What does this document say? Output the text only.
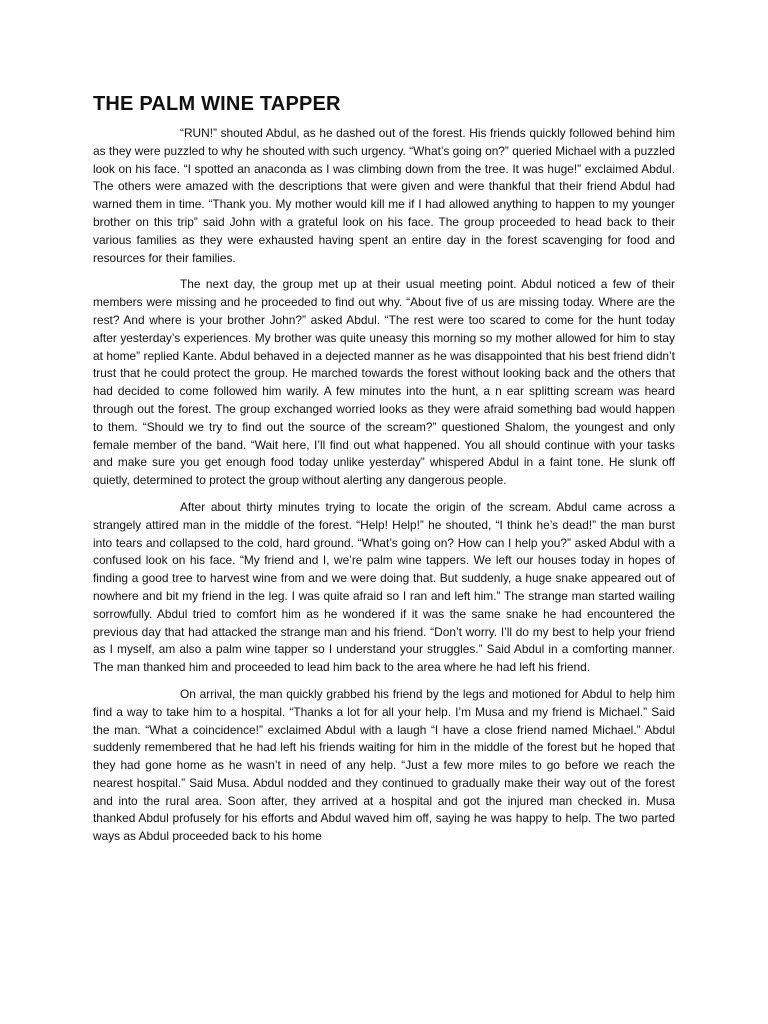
THE PALM WINE TAPPER

“RUN!” shouted Abdul, as he dashed out of the forest. His friends quickly followed behind him as they were puzzled to why he shouted with such urgency. “What’s going on?” queried Michael with a puzzled look on his face. “I spotted an anaconda as I was climbing down from the tree. It was huge!” exclaimed Abdul. The others were amazed with the descriptions that were given and were thankful that their friend Abdul had warned them in time. “Thank you. My mother would kill me if I had allowed anything to happen to my younger brother on this trip” said John with a grateful look on his face. The group proceeded to head back to their various families as they were exhausted having spent an entire day in the forest scavenging for food and resources for their families.

The next day, the group met up at their usual meeting point. Abdul noticed a few of their members were missing and he proceeded to find out why. “About five of us are missing today. Where are the rest? And where is your brother John?” asked Abdul. “The rest were too scared to come for the hunt today after yesterday’s experiences. My brother was quite uneasy this morning so my mother allowed for him to stay at home” replied Kante. Abdul behaved in a dejected manner as he was disappointed that his best friend didn’t trust that he could protect the group. He marched towards the forest without looking back and the others that had decided to come followed him warily. A few minutes into the hunt, a n ear splitting scream was heard through out the forest. The group exchanged worried looks as they were afraid something bad would happen to them. “Should we try to find out the source of the scream?” questioned Shalom, the youngest and only female member of the band. “Wait here, I’ll find out what happened. You all should continue with your tasks and make sure you get enough food today unlike yesterday” whispered Abdul in a faint tone. He slunk off quietly, determined to protect the group without alerting any dangerous people.

After about thirty minutes trying to locate the origin of the scream. Abdul came across a strangely attired man in the middle of the forest. “Help! Help!” he shouted, “I think he’s dead!” the man burst into tears and collapsed to the cold, hard ground. “What’s going on? How can I help you?” asked Abdul with a confused look on his face. “My friend and I, we’re palm wine tappers. We left our houses today in hopes of finding a good tree to harvest wine from and we were doing that. But suddenly, a huge snake appeared out of nowhere and bit my friend in the leg. I was quite afraid so I ran and left him.” The strange man started wailing sorrowfully. Abdul tried to comfort him as he wondered if it was the same snake he had encountered the previous day that had attacked the strange man and his friend. “Don’t worry. I’ll do my best to help your friend as I myself, am also a palm wine tapper so I understand your struggles.” Said Abdul in a comforting manner. The man thanked him and proceeded to lead him back to the area where he had left his friend.

On arrival, the man quickly grabbed his friend by the legs and motioned for Abdul to help him find a way to take him to a hospital. “Thanks a lot for all your help. I’m Musa and my friend is Michael.” Said the man. “What a coincidence!” exclaimed Abdul with a laugh “I have a close friend named Michael.” Abdul suddenly remembered that he had left his friends waiting for him in the middle of the forest but he hoped that they had gone home as he wasn’t in need of any help. “Just a few more miles to go before we reach the nearest hospital.” Said Musa. Abdul nodded and they continued to gradually make their way out of the forest and into the rural area. Soon after, they arrived at a hospital and got the injured man checked in. Musa thanked Abdul profusely for his efforts and Abdul waved him off, saying he was happy to help. The two parted ways as Abdul proceeded back to his home
